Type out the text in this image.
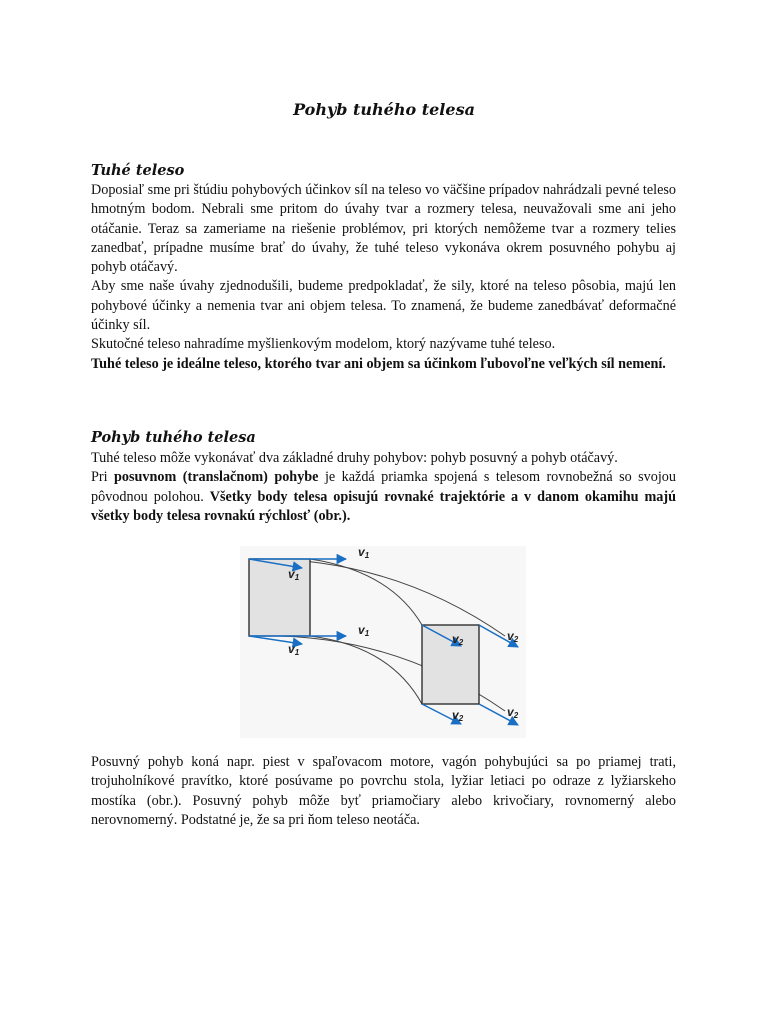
Pohyb tuhého telesa
Tuhé teleso

Doposiaľ sme pri štúdiu pohybových účinkov síl na teleso vo väčšine prípadov nahrádzali pevné teleso hmotným bodom. Nebrali sme pritom do úvahy tvar a rozmery telesa, neuvažovali sme ani jeho otáčanie. Teraz sa zameriame na riešenie problémov, pri ktorých nemôžeme tvar a rozmery telies zanedbať, prípadne musíme brať do úvahy, že tuhé teleso vykonáva okrem posuvného pohybu aj pohyb otáčavý.

Aby sme naše úvahy zjednodušili, budeme predpokladať, že sily, ktoré na teleso pôsobia, majú len pohybové účinky a nemenia tvar ani objem telesa. To znamená, že budeme zanedbávať deformačné účinky síl.

Skutočné teleso nahradíme myšlienkovým modelom, ktorý nazývame tuhé teleso.

Tuhé teleso je ideálne teleso, ktorého tvar ani objem sa účinkom ľubovoľne veľkých síl nemení.

Pohyb tuhého telesa

Tuhé teleso môže vykonávať dva základné druhy pohybov: pohyb posuvný a pohyb otáčavý.

Pri posuvnom (translačnom) pohybe je každá priamka spojená s telesom rovnobežná so svojou pôvodnou polohou. Všetky body telesa opisujú rovnaké trajektórie a v danom okamihu majú všetky body telesa rovnakú rýchlosť (obr.).

v1
v1
v1
v1
v2	v2
v2	v2

Posuvný pohyb koná napr. piest v spaľovacom motore, vagón pohybujúci sa po priamej trati, trojuholníkové pravítko, ktoré posúvame po povrchu stola, lyžiar letiaci po odraze z lyžiarskeho mostíka (obr.). Posuvný pohyb môže byť priamočiary alebo krivočiary, rovnomerný alebo nerovnomerný. Podstatné je, že sa pri ňom teleso neotáča.
